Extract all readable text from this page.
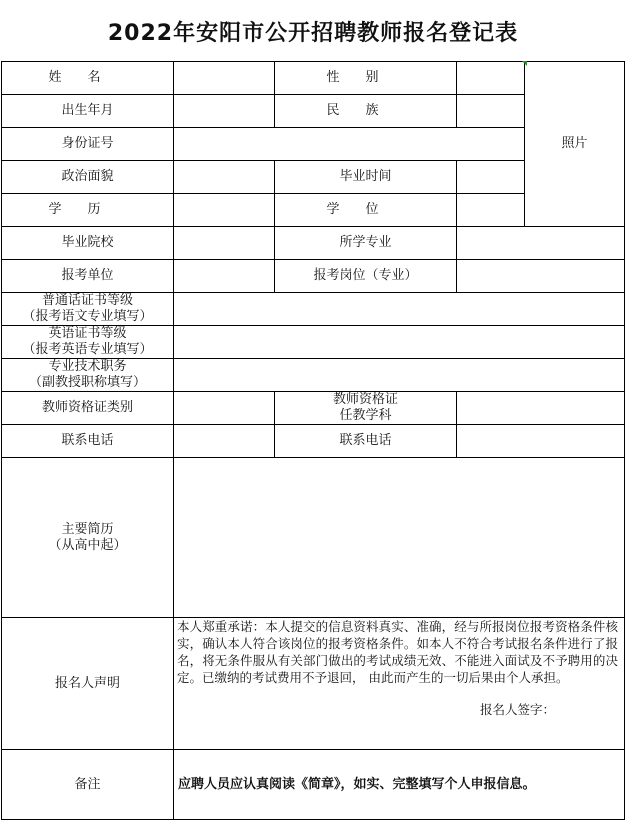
2022年安阳市公开招聘教师报名登记表
姓名		性别		照片
出生年月		民族		
身份证号				
政治面貌		毕业时间		
学历		学位		
毕业院校		所学专业		
报考单位		报考岗位（专业）		

普通话证书等级
（报考语文专业填写）				

英语证书等级
（报考英语专业填写）				

专业技术职务
（副教授职称填写）				

教师资格证类别		教师资格证
任教学科		

联系电话		联系电话		

主要简历
（从高中起）				

报名人声明	本人郑重承诺：本人提交的信息资料真实、准确，经与所报岗位报考资格条件核实，确认本人符合该岗位的报考资格条件。如本人不符合考试报名条件进行了报名，将无条件服从有关部门做出的考试成绩无效、不能进入面试及不予聘用的决定。已缴纳的考试费用不予退回， 由此而产生的一切后果由个人承担。
报名人签字：			

备注	应聘人员应认真阅读《简章》，如实、完整填写个人申报信息。			
